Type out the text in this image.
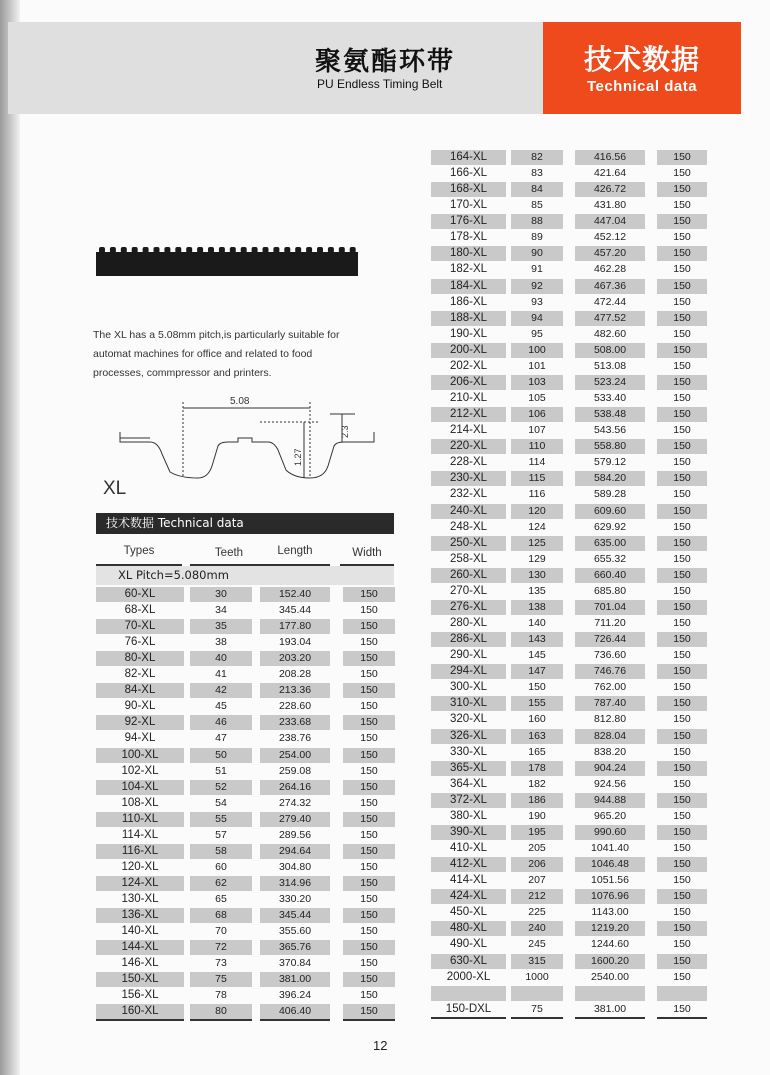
聚氨酯环带
PU Endless Timing Belt
技术数据
Technical data
The XL has a 5.08mm pitch,is particularly suitable for
automat machines for office and related to food
processes, commpressor and printers.
5.08
2.3
1.27
XL
技术数据 Technical data
Types	Teeth	Length	Width
XL Pitch=5.080mm
60-XL	30	152.40	150
68-XL	34	345.44	150
70-XL	35	177.80	150
76-XL	38	193.04	150
80-XL	40	203.20	150
82-XL	41	208.28	150
84-XL	42	213.36	150
90-XL	45	228.60	150
92-XL	46	233.68	150
94-XL	47	238.76	150
100-XL	50	254.00	150
102-XL	51	259.08	150
104-XL	52	264.16	150
108-XL	54	274.32	150
110-XL	55	279.40	150
114-XL	57	289.56	150
116-XL	58	294.64	150
120-XL	60	304.80	150
124-XL	62	314.96	150
130-XL	65	330.20	150
136-XL	68	345.44	150
140-XL	70	355.60	150
144-XL	72	365.76	150
146-XL	73	370.84	150
150-XL	75	381.00	150
156-XL	78	396.24	150
160-XL	80	406.40	150
164-XL	82	416.56	150
166-XL	83	421.64	150
168-XL	84	426.72	150
170-XL	85	431.80	150
176-XL	88	447.04	150
178-XL	89	452.12	150
180-XL	90	457.20	150
182-XL	91	462.28	150
184-XL	92	467.36	150
186-XL	93	472.44	150
188-XL	94	477.52	150
190-XL	95	482.60	150
200-XL	100	508.00	150
202-XL	101	513.08	150
206-XL	103	523.24	150
210-XL	105	533.40	150
212-XL	106	538.48	150
214-XL	107	543.56	150
220-XL	110	558.80	150
228-XL	114	579.12	150
230-XL	115	584.20	150
232-XL	116	589.28	150
240-XL	120	609.60	150
248-XL	124	629.92	150
250-XL	125	635.00	150
258-XL	129	655.32	150
260-XL	130	660.40	150
270-XL	135	685.80	150
276-XL	138	701.04	150
280-XL	140	711.20	150
286-XL	143	726.44	150
290-XL	145	736.60	150
294-XL	147	746.76	150
300-XL	150	762.00	150
310-XL	155	787.40	150
320-XL	160	812.80	150
326-XL	163	828.04	150
330-XL	165	838.20	150
365-XL	178	904.24	150
364-XL	182	924.56	150
372-XL	186	944.88	150
380-XL	190	965.20	150
390-XL	195	990.60	150
410-XL	205	1041.40	150
412-XL	206	1046.48	150
414-XL	207	1051.56	150
424-XL	212	1076.96	150
450-XL	225	1143.00	150
480-XL	240	1219.20	150
490-XL	245	1244.60	150
630-XL	315	1600.20	150
2000-XL	1000	2540.00	150
150-DXL	75	381.00	150
12
